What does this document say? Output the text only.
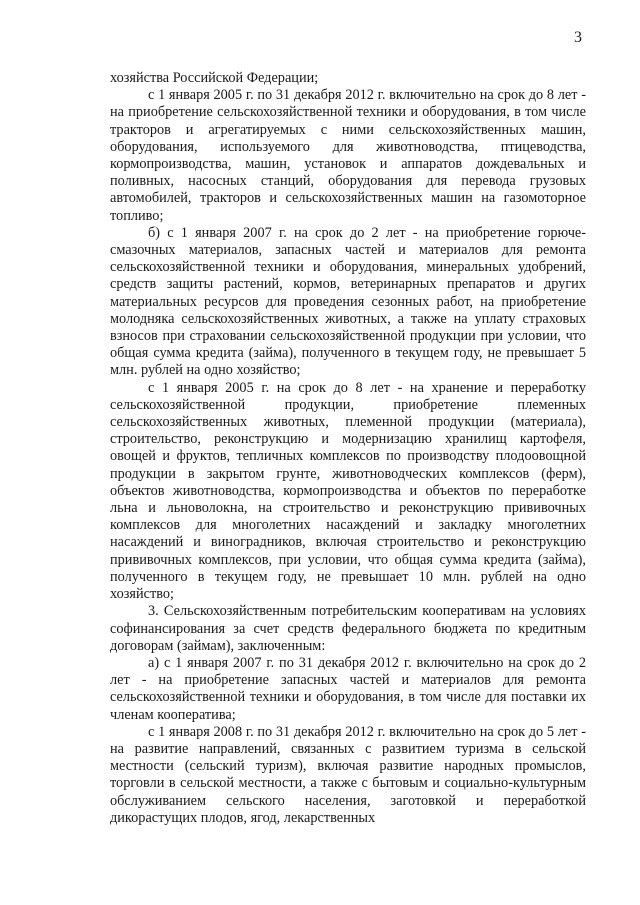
3

хозяйства Российской Федерации;

с 1 января 2005 г. по 31 декабря 2012 г. включительно на срок до 8 лет - на приобретение сельскохозяйственной техники и оборудования, в том числе тракторов и агрегатируемых с ними сельскохозяйственных машин, оборудования, используемого для животноводства, птицеводства, кормопроизводства, машин, установок и аппаратов дождевальных и поливных, насосных станций, оборудования для перевода грузовых автомобилей, тракторов и сельскохозяйственных машин на газомоторное топливо;

б) с 1 января 2007 г. на срок до 2 лет - на приобретение горюче-смазочных материалов, запасных частей и материалов для ремонта сельскохозяйственной техники и оборудования, минеральных удобрений, средств защиты растений, кормов, ветеринарных препаратов и других материальных ресурсов для проведения сезонных работ, на приобретение молодняка сельскохозяйственных животных, а также на уплату страховых взносов при страховании сельскохозяйственной продукции при условии, что общая сумма кредита (займа), полученного в текущем году, не превышает 5 млн. рублей на одно хозяйство;

с 1 января 2005 г. на срок до 8 лет - на хранение и переработку сельскохозяйственной продукции, приобретение племенных сельскохозяйственных животных, племенной продукции (материала), строительство, реконструкцию и модернизацию хранилищ картофеля, овощей и фруктов, тепличных комплексов по производству плодоовощной продукции в закрытом грунте, животноводческих комплексов (ферм), объектов животноводства, кормопроизводства и объектов по переработке льна и льноволокна, на строительство и реконструкцию прививочных комплексов для многолетних насаждений и закладку многолетних насаждений и виноградников, включая строительство и реконструкцию прививочных комплексов, при условии, что общая сумма кредита (займа), полученного в текущем году, не превышает 10 млн. рублей на одно хозяйство;

3. Сельскохозяйственным потребительским кооперативам на условиях софинансирования за счет средств федерального бюджета по кредитным договорам (займам), заключенным:

а) с 1 января 2007 г. по 31 декабря 2012 г. включительно на срок до 2 лет - на приобретение запасных частей и материалов для ремонта сельскохозяйственной техники и оборудования, в том числе для поставки их членам кооператива;

с 1 января 2008 г. по 31 декабря 2012 г. включительно на срок до 5 лет - на развитие направлений, связанных с развитием туризма в сельской местности (сельский туризм), включая развитие народных промыслов, торговли в сельской местности, а также с бытовым и социально-культурным обслуживанием сельского населения, заготовкой и переработкой дикорастущих плодов, ягод, лекарственных
